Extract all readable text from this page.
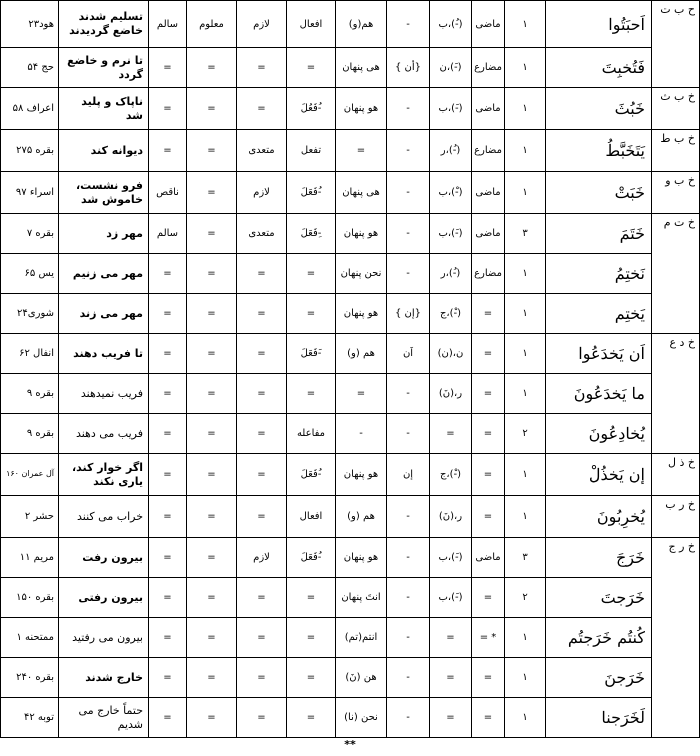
هود۲۳	تسلیم شدند خاضع گردیدند	سالم	معلوم	لازم	افعال	(و)هم	-	ب،(-ُ)	ماضی	۱	اَحبَتُوا	ح ب ت
حج ۵۴	تا نرم و خاضع گردد	=	=	=	=	هی پنهان	{ أن}	ن،(-َ)	مضارع	۱	فَتُخبِتَ	
اعراف ۵۸	ناپاک و پلید شد	=	=	=	فَعُلَ-ُ	هو پنهان	-	ب،(-َ)	ماضی	۱	خَبُثَ	خ ب ث
بقره ۲۷۵	دیوانه کند	=	=	متعدی	تفعل	=	-	ر،(-ُ)	مضارع	۱	يَتَخَبَّطُ	خ ب ط
اسراء ۹۷	فرو نشست، خاموش شد	ناقص	=	لازم	فَعَلَ-ُ	هی پنهان	-	ب،(-ْ)	ماضی	۱	خَبَتْ	خ ب و
بقره ۷	مهر زد	سالم	=	متعدی	فَعَلَ-ِ	هو پنهان	-	ب،(-َ)	ماضی	۳	خَتَمَ	خ ت م
یس ۶۵	مهر می زنیم	=	=	=	=	نحن پنهان	-	ر،(-ُ)	مضارع	۱	نَختِمُ	
شوری۲۴	مهر می زند	=	=	=	=	هو پنهان	{ إن}	ج،(-ْ)	=	۱	يَختِم	
انفال ۶۲	تا فریب دهند	=	=	=	فَعَلَ-َ	(و) هم	اَن	ن،(ن)	=	۱	اَن يَخدَعُوا	خ د ع
بقره ۹	فریب نمیدهند	=	=	=	=	=	-	ر،(نَ)	=	۱	ما يَخدَعُونَ	
بقره ۹	فریب می دهند	=	=	=	مفاعله	-	-	=	=	۲	يُخادِعُونَ	
آل عمران ۱۶۰	اگر خوار کند، یاری نکند	=	=	=	فَعَلَ-ُ	هو پنهان	إن	ج،(-ْ)	=	۱	إن يَخذُلْ	خ ذ ل
حشر ۲	خراب می کنند	=	=	=	افعال	(و) هم	-	ر،(نَ)	=	۱	يُخرِبُونَ	خ ر ب
مریم ۱۱	بیرون رفت	=	=	لازم	فَعَلَ-ُ	هو پنهان	-	ب،(-َ)	ماضی	۳	خَرَجَ	خ ر ج
بقره ۱۵۰	بیرون رفتی	=	=	=	=	انتَ پنهان	-	ب،(-َ)	=	۲	خَرَجتَ	
ممتحنه ۱	بیرون می رفتید	=	=	=	=	(تم)انتم	-	=	= *	۱	كُنتُم خَرَجتُم	
بقره ۲۴۰	خارج شدند	=	=	=	=	(نَ) هن	-	=	=	۱	خَرَجنَ	
توبه ۴۲	حتماً خارج می شدیم	=	=	=	=	(نا) نحن	-	=	=	۱	لَخَرَجنا	
**
